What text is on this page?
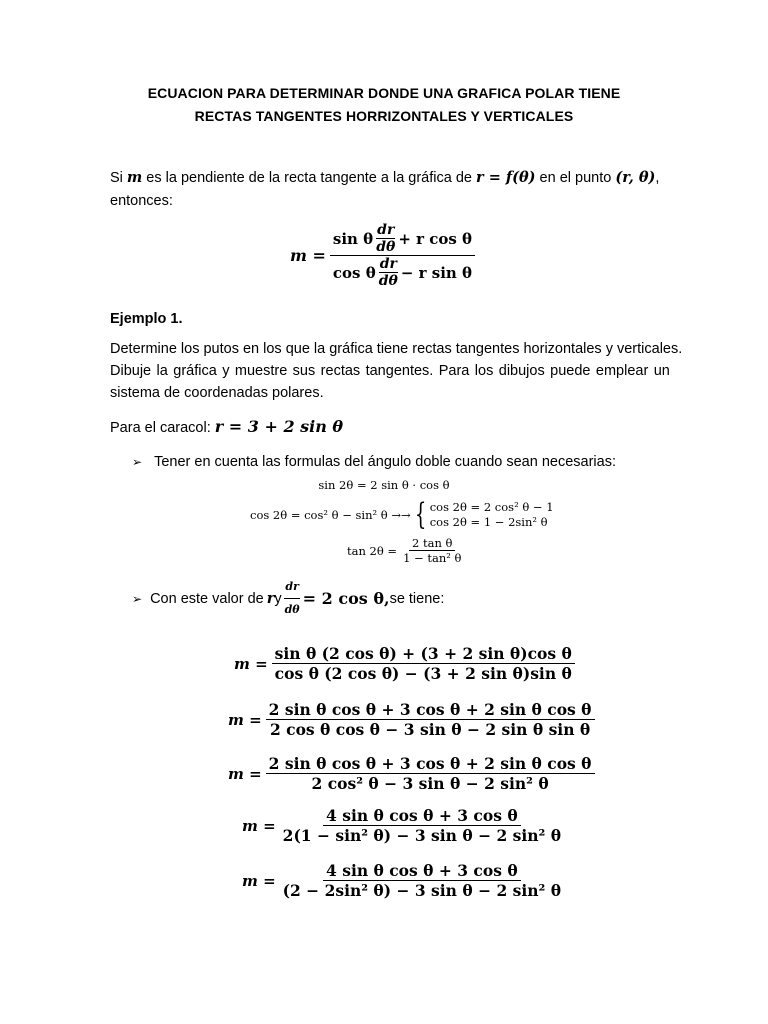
ECUACION PARA DETERMINAR DONDE UNA GRAFICA POLAR TIENE
RECTAS TANGENTES HORRIZONTALES Y VERTICALES
Si m es la pendiente de la recta tangente a la gráfica de r = f(θ) en el punto (r, θ),
entonces:
$m = \frac{\sin \theta \frac{dr}{d\theta} + r \cos \theta}{\cos \theta \frac{dr}{d\theta} - r \sin \theta}$
Ejemplo 1.
Determine los putos en los que la gráfica tiene rectas tangentes horizontales y verticales.
Dibuje la gráfica y muestre sus rectas tangentes. Para los dibujos puede emplear un
sistema de coordenadas polares.
Para el caracol: r = 3 + 2 sin θ
➢ Tener en cuenta las formulas del ángulo doble cuando sean necesarias:
sin 2θ = 2 sin θ · cos θ
cos 2θ = cos² θ − sin² θ →→ { cos 2θ = 2 cos² θ − 1
cos 2θ = 1 − 2sin² θ
$\tan 2\theta = \frac{\text{2 tan θ}}{\text{1 − tan² θ}}$
➢ Con este valor de r y $\frac{dr}{d\theta} = 2$ cos θ, se tiene:
$m = \frac{\text{sin θ (2 cos θ) + (3 + 2 sin θ)cos θ}}{\text{cos θ (2 cos θ) − (3 + 2 sin θ)sin θ}}$
$m = \frac{\text{2 sin θ cos θ + 3 cos θ + 2 sin θ cos θ}}{\text{2 cos θ cos θ − 3 sin θ − 2 sin θ sin θ}}$
$m = \frac{\text{2 sin θ cos θ + 3 cos θ + 2 sin θ cos θ}}{\text{2 cos² θ − 3 sin θ − 2 sin² θ}}$
$m = \frac{\text{4 sin θ cos θ + 3 cos θ}}{\text{2(1 − sin² θ) − 3 sin θ − 2 sin² θ}}$
$m = \frac{\text{4 sin θ cos θ + 3 cos θ}}{\text{(2 − 2sin² θ) − 3 sin θ − 2 sin² θ}}$
